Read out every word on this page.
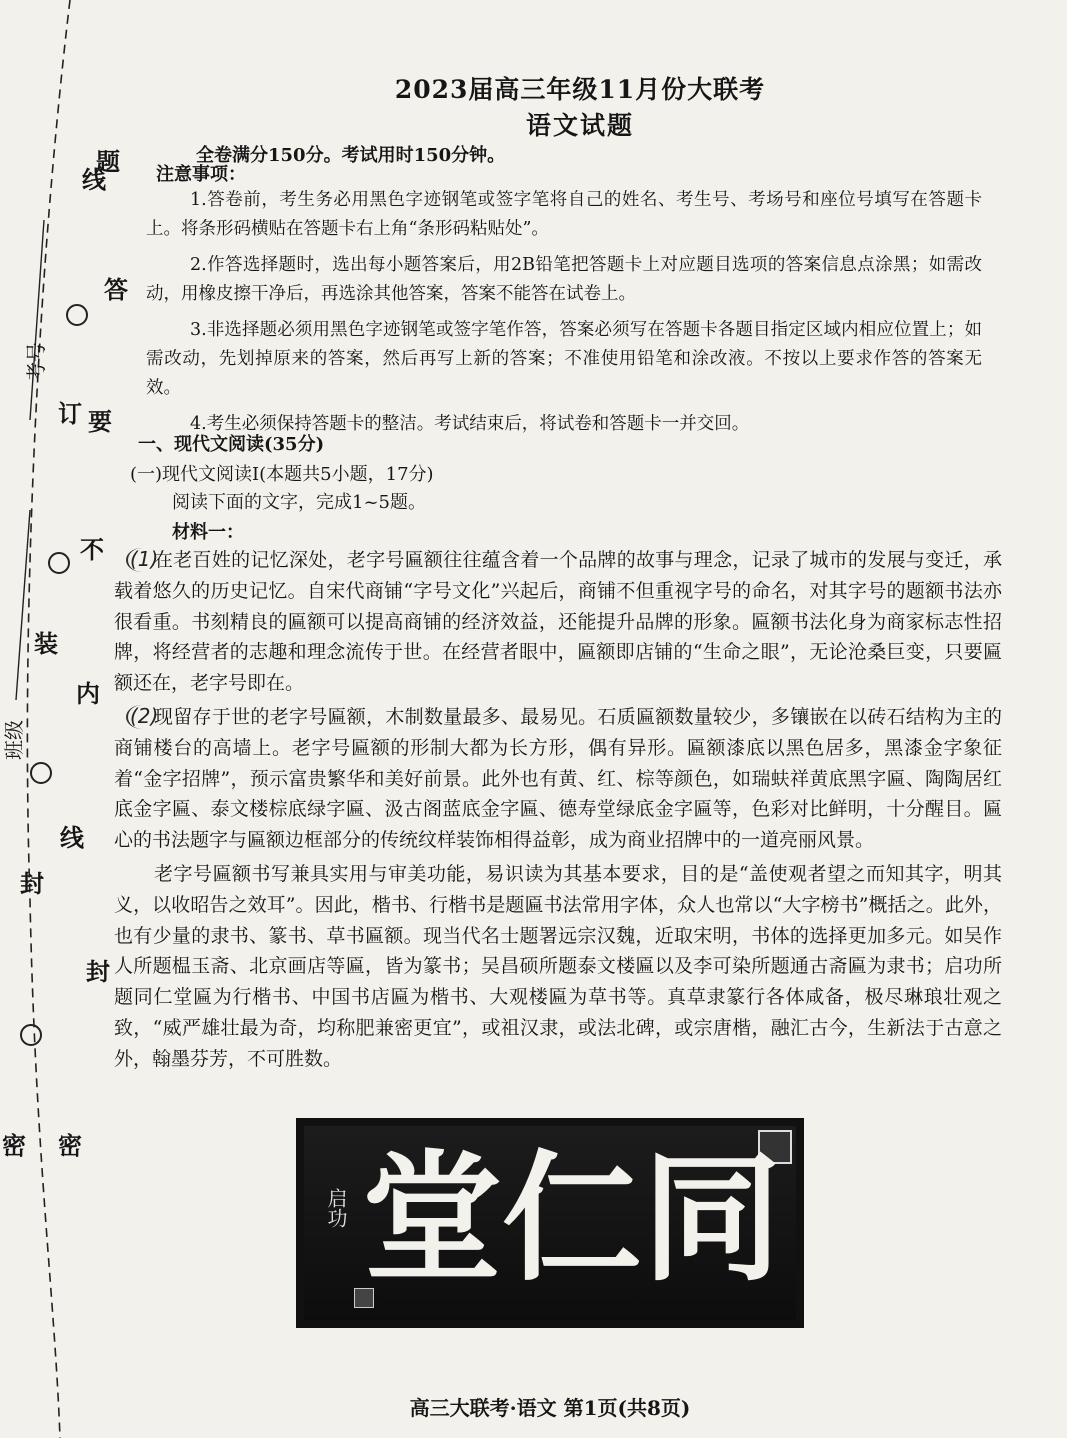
考号
班级
线
订
装
线
封
密
题
答
要
不
内
封
密
2023届高三年级11月份大联考
语文试题
全卷满分150分。考试用时150分钟。
注意事项：

1.答卷前，考生务必用黑色字迹钢笔或签字笔将自己的姓名、考生号、考场号和座位号填写在答题卡上。将条形码横贴在答题卡右上角“条形码粘贴处”。

2.作答选择题时，选出每小题答案后，用2B铅笔把答题卡上对应题目选项的答案信息点涂黑；如需改动，用橡皮擦干净后，再选涂其他答案，答案不能答在试卷上。

3.非选择题必须用黑色字迹钢笔或签字笔作答，答案必须写在答题卡各题目指定区域内相应位置上；如需改动，先划掉原来的答案，然后再写上新的答案；不准使用铅笔和涂改液。不按以上要求作答的答案无效。

4.考生必须保持答题卡的整洁。考试结束后，将试卷和答题卡一并交回。

一、现代文阅读(35分)
(一)现代文阅读Ⅰ(本题共5小题，17分)
阅读下面的文字，完成1~5题。
材料一：
(1)

在老百姓的记忆深处，老字号匾额往往蕴含着一个品牌的故事与理念，记录了城市的发展与变迁，承载着悠久的历史记忆。自宋代商铺“字号文化”兴起后，商铺不但重视字号的命名，对其字号的题额书法亦很看重。书刻精良的匾额可以提高商铺的经济效益，还能提升品牌的形象。匾额书法化身为商家标志性招牌，将经营者的志趣和理念流传于世。在经营者眼中，匾额即店铺的“生命之眼”，无论沧桑巨变，只要匾额还在，老字号即在。

(2)

现留存于世的老字号匾额，木制数量最多、最易见。石质匾额数量较少，多镶嵌在以砖石结构为主的商铺楼台的高墙上。老字号匾额的形制大都为长方形，偶有异形。匾额漆底以黑色居多，黑漆金字象征着“金字招牌”，预示富贵繁华和美好前景。此外也有黄、红、棕等颜色，如瑞蚨祥黄底黑字匾、陶陶居红底金字匾、泰文楼棕底绿字匾、汲古阁蓝底金字匾、德寿堂绿底金字匾等，色彩对比鲜明，十分醒目。匾心的书法题字与匾额边框部分的传统纹样装饰相得益彰，成为商业招牌中的一道亮丽风景。

老字号匾额书写兼具实用与审美功能，易识读为其基本要求，目的是“盖使观者望之而知其字，明其义，以收昭告之效耳”。因此，楷书、行楷书是题匾书法常用字体，众人也常以“大字榜书”概括之。此外，也有少量的隶书、篆书、草书匾额。现当代名士题署远宗汉魏，近取宋明，书体的选择更加多元。如吴作人所题榅玉斋、北京画店等匾，皆为篆书；吴昌硕所题泰文楼匾以及李可染所题通古斋匾为隶书；启功所题同仁堂匾为行楷书、中国书店匾为楷书、大观楼匾为草书等。真草隶篆行各体咸备，极尽琳琅壮观之致，“威严雄壮最为奇，均称肥兼密更宜”，或祖汉隶，或法北碑，或宗唐楷，融汇古今，生新法于古意之外，翰墨芬芳，不可胜数。

启功 堂 仁 同
高三大联考·语文 第1页(共8页)
